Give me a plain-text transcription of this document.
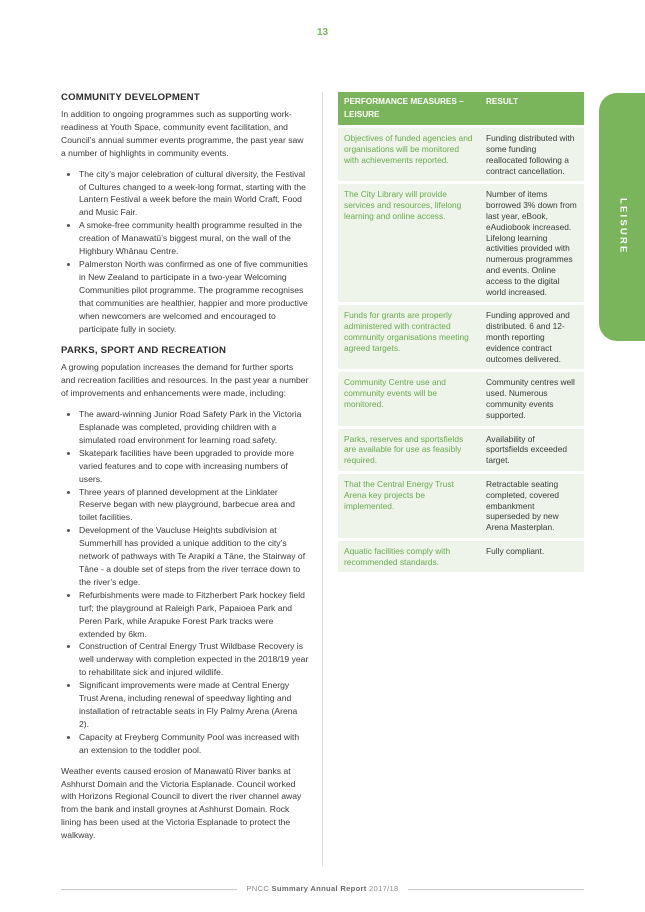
13
COMMUNITY DEVELOPMENT

In addition to ongoing programmes such as supporting work-readiness at Youth Space, community event facilitation, and Council’s annual summer events programme, the past year saw a number of highlights in community events.

• The city’s major celebration of cultural diversity, the Festival of Cultures changed to a week-long format, starting with the Lantern Festival a week before the main World Craft, Food and Music Fair.
• A smoke-free community health programme resulted in the creation of Manawatū’s biggest mural, on the wall of the Highbury Whānau Centre.
• Palmerston North was confirmed as one of five communities in New Zealand to participate in a two-year Welcoming Communities pilot programme. The programme recognises that communities are healthier, happier and more productive when newcomers are welcomed and encouraged to participate fully in society.
PARKS, SPORT AND RECREATION

A growing population increases the demand for further sports and recreation facilities and resources. In the past year a number of improvements and enhancements were made, including:

• The award-winning Junior Road Safety Park in the Victoria Esplanade was completed, providing children with a simulated road environment for learning road safety.
• Skatepark facilities have been upgraded to provide more varied features and to cope with increasing numbers of users.
• Three years of planned development at the Linklater Reserve began with new playground, barbecue area and toilet facilities.
• Development of the Vaucluse Heights subdivision at Summerhill has provided a unique addition to the city’s network of pathways with Te Arapiki a Tāne, the Stairway of Tāne - a double set of steps from the river terrace down to the river’s edge.
• Refurbishments were made to Fitzherbert Park hockey field turf; the playground at Raleigh Park, Papaioea Park and Peren Park, while Arapuke Forest Park tracks were extended by 6km.
• Construction of Central Energy Trust Wildbase Recovery is well underway with completion expected in the 2018/19 year to rehabilitate sick and injured wildlife.
• Significant improvements were made at Central Energy Trust Arena, including renewal of speedway lighting and installation of retractable seats in Fly Palmy Arena (Arena 2).
• Capacity at Freyberg Community Pool was increased with an extension to the toddler pool.

Weather events caused erosion of Manawatū River banks at Ashhurst Domain and the Victoria Esplanade. Council worked with Horizons Regional Council to divert the river channel away from the bank and install groynes at Ashhurst Domain. Rock lining has been used at the Victoria Esplanade to protect the walkway.

PERFORMANCE MEASURES – LEISURE	RESULT
Objectives of funded agencies and organisations will be monitored with achievements reported.	Funding distributed with some funding reallocated following a contract cancellation.
The City Library will provide services and resources, lifelong learning and online access.	Number of items borrowed 3% down from last year, eBook, eAudiobook increased. Lifelong learning activities provided with numerous programmes and events. Online access to the digital world increased.
Funds for grants are properly administered with contracted community organisations meeting agreed targets.	Funding approved and distributed. 6 and 12-month reporting evidence contract outcomes delivered.
Community Centre use and community events will be monitored.	Community centres well used. Numerous community events supported.
Parks, reserves and sportsfields are available for use as feasibly required.	Availability of sportsfields exceeded target.
That the Central Energy Trust Arena key projects be implemented.	Retractable seating completed, covered embankment superseded by new Arena Masterplan.
Aquatic facilities comply with recommended standards.	Fully compliant.
LEISURE
PNCC Summary Annual Report 2017/18
